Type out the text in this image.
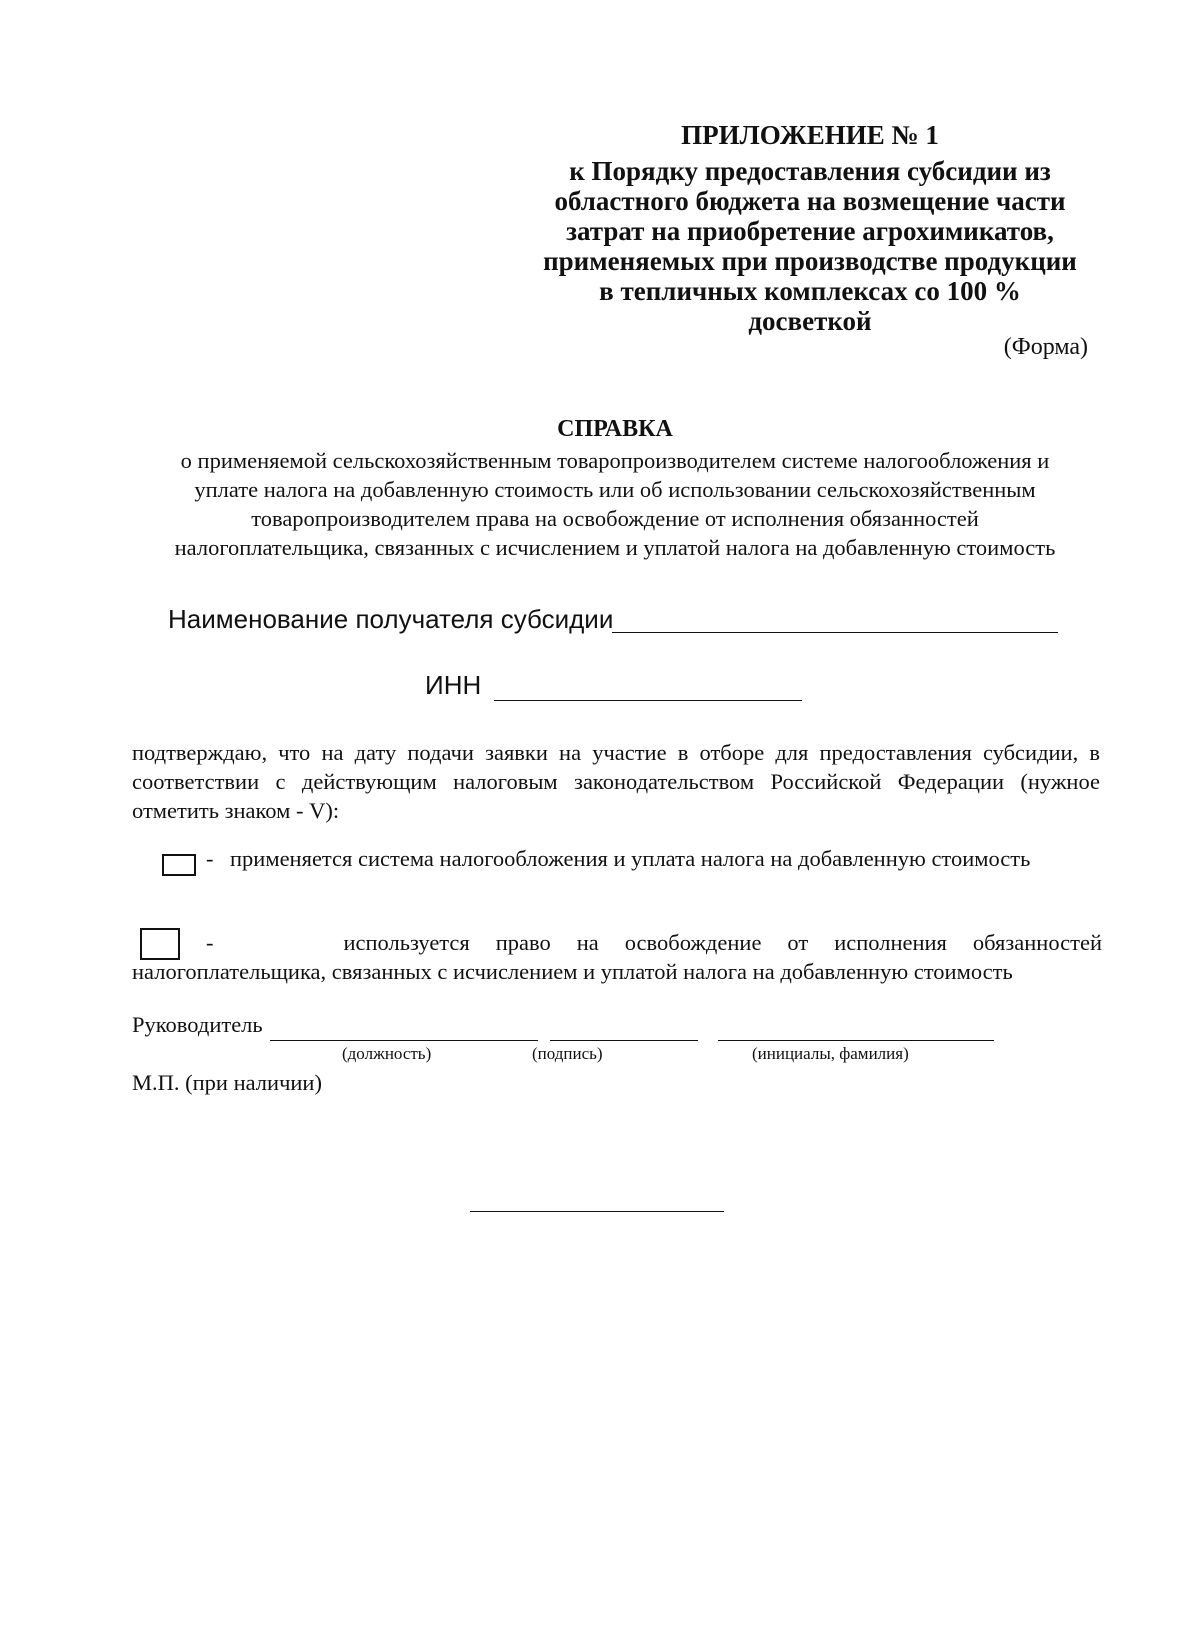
ПРИЛОЖЕНИЕ № 1
к Порядку предоставления субсидии из
областного бюджета на возмещение части
затрат на приобретение агрохимикатов,
применяемых при производстве продукции
в тепличных комплексах со 100 %
досветкой
(Форма)
СПРАВКА
о применяемой сельскохозяйственным товаропроизводителем системе налогообложения и
уплате налога на добавленную стоимость или об использовании сельскохозяйственным
товаропроизводителем права на освобождение от исполнения обязанностей
налогоплательщика, связанных с исчислением и уплатой налога на добавленную стоимость
Наименование получателя субсидии
ИНН
подтверждаю, что на дату подачи заявки на участие в отборе для предоставления субсидии, в соответствии с действующим налоговым законодательством Российской Федерации (нужное отметить знаком - V):
- применяется система налогообложения и уплата налога на добавленную стоимость
-	используется право на освобождение от исполнения обязанностей
налогоплательщика, связанных с исчислением и уплатой налога на добавленную стоимость
Руководитель
(должность)	(подпись)	(инициалы, фамилия)
М.П. (при наличии)
